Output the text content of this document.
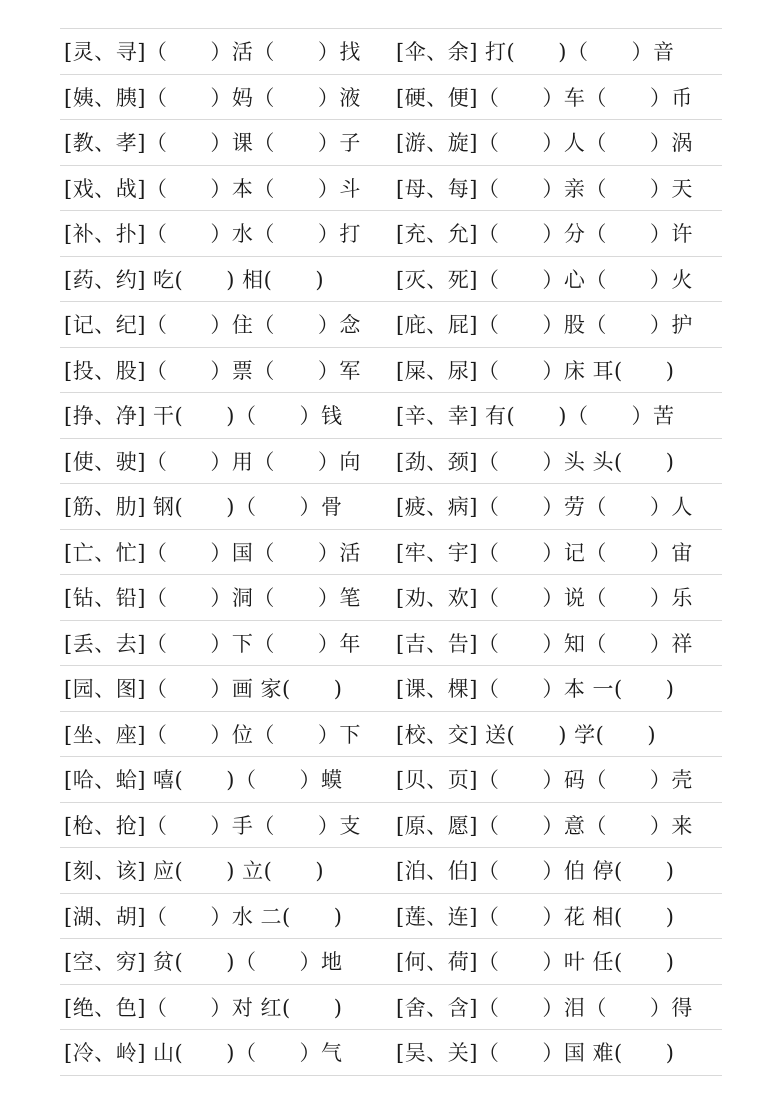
[灵、寻]（　　）活（　　）找 [伞、余] 打(　　)（　　）音
[姨、胰]（　　）妈（　　）液 [硬、便]（　　）车（　　）币
[教、孝]（　　）课（　　）子 [游、旋]（　　）人（　　）涡
[戏、战]（　　）本（　　）斗 [母、每]（　　）亲（　　）天
[补、扑]（　　）水（　　）打 [充、允]（　　）分（　　）许
[药、约] 吃(　　) 相(　　)	[灭、死]（　　）心（　　）火
[记、纪]（　　）住（　　）念 [庇、屁]（　　）股（　　）护
[投、股]（　　）票（　　）军 [屎、尿]（　　）床 耳(　　)
[挣、净] 干(　　)（　　）钱	[辛、幸] 有(　　)（　　）苦
[使、驶]（　　）用（　　）向 [劲、颈]（　　）头 头(　　)
[筋、肋] 钢(　　)（　　）骨	[疲、病]（　　）劳（　　）人
[亡、忙]（　　）国（　　）活 [牢、宇]（　　）记（　　）宙
[钻、铅]（　　）洞（　　）笔 [劝、欢]（　　）说（　　）乐
[丢、去]（　　）下（　　）年 [吉、告]（　　）知（　　）祥
[园、图]（　　）画 家(　　)	[课、棵]（　　）本 一(　　)
[坐、座]（　　）位（　　）下 [校、交] 送(　　) 学(　　)
[哈、蛤] 嘻(　　)（　　）蟆	[贝、页]（　　）码（　　）壳
[枪、抢]（　　）手（　　）支 [原、愿]（　　）意（　　）来
[刻、该] 应(　　) 立(　　)	[泊、伯]（　　）伯 停(　　)
[湖、胡]（　　）水 二(　　)	[莲、连]（　　）花 相(　　)
[空、穷] 贫(　　)（　　）地	[何、荷]（　　）叶 任(　　)
[绝、色]（　　）对 红(　　)	[舍、含]（　　）泪（　　）得
[冷、岭] 山(　　)（　　）气	[吴、关]（　　）国 难(　　)
